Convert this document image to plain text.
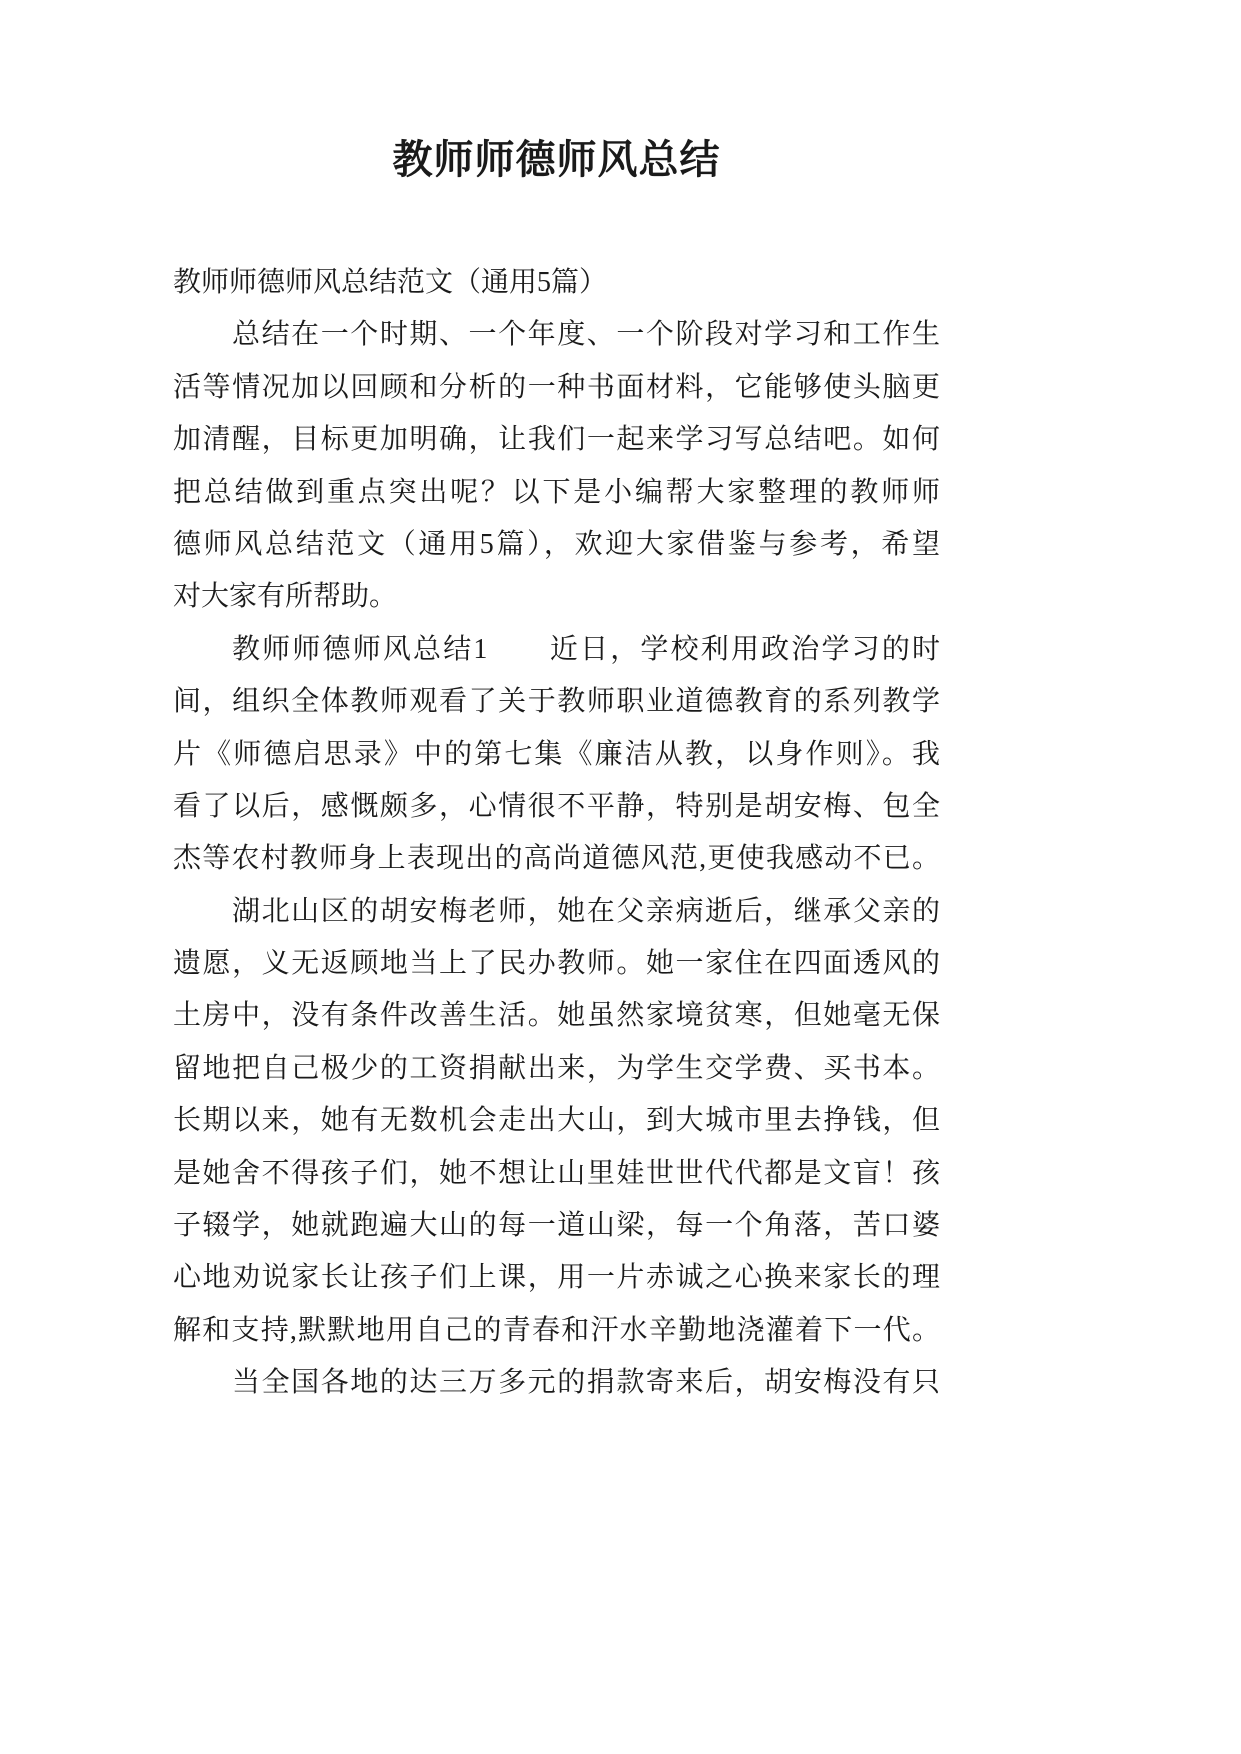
教师师德师风总结
教师师德师风总结范文（通用5篇）
总结在一个时期、一个年度、一个阶段对学习和工作生
活等情况加以回顾和分析的一种书面材料，它能够使头脑更
加清醒，目标更加明确，让我们一起来学习写总结吧。如何
把总结做到重点突出呢？以下是小编帮大家整理的教师师
德师风总结范文（通用5篇），欢迎大家借鉴与参考，希望
对大家有所帮助。
教师师德师风总结1　　近日，学校利用政治学习的时
间，组织全体教师观看了关于教师职业道德教育的系列教学
片《师德启思录》中的第七集《廉洁从教，以身作则》。我
看了以后，感慨颇多，心情很不平静，特别是胡安梅、包全
杰等农村教师身上表现出的高尚道德风范,更使我感动不已。
湖北山区的胡安梅老师，她在父亲病逝后，继承父亲的
遗愿，义无返顾地当上了民办教师。她一家住在四面透风的
土房中，没有条件改善生活。她虽然家境贫寒，但她毫无保
留地把自己极少的工资捐献出来，为学生交学费、买书本。
长期以来，她有无数机会走出大山，到大城市里去挣钱，但
是她舍不得孩子们，她不想让山里娃世世代代都是文盲！孩
子辍学，她就跑遍大山的每一道山梁，每一个角落，苦口婆
心地劝说家长让孩子们上课，用一片赤诚之心换来家长的理
解和支持,默默地用自己的青春和汗水辛勤地浇灌着下一代。
当全国各地的达三万多元的捐款寄来后，胡安梅没有只
